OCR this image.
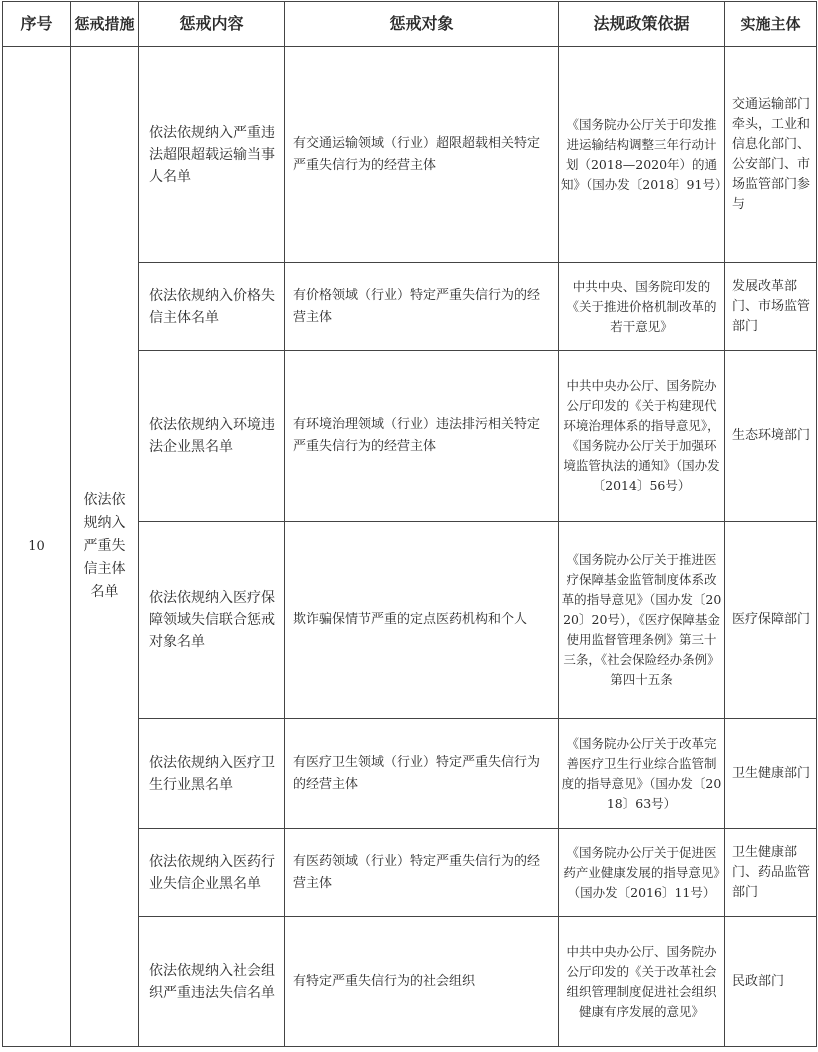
序号	惩戒措施	惩戒内容	惩戒对象	法规政策依据	实施主体
10	依法依规纳入严重失信主体名单	依法依规纳入严重违法超限超载运输当事人名单	有交通运输领域（行业）超限超载相关特定严重失信行为的经营主体	《国务院办公厅关于印发推进运输结构调整三年行动计划（2018—2020年）的通知》（国办发〔2018〕91号）	交通运输部门牵头，工业和信息化部门、公安部门、市场监管部门参与
		依法依规纳入价格失信主体名单	有价格领域（行业）特定严重失信行为的经营主体	中共中央、国务院印发的《关于推进价格机制改革的若干意见》	发展改革部门、市场监管部门
		依法依规纳入环境违法企业黑名单	有环境治理领域（行业）违法排污相关特定严重失信行为的经营主体	中共中央办公厅、国务院办公厅印发的《关于构建现代环境治理体系的指导意见》，《国务院办公厅关于加强环境监管执法的通知》（国办发〔2014〕56号）	生态环境部门
		依法依规纳入医疗保障领域失信联合惩戒对象名单	欺诈骗保情节严重的定点医药机构和个人	《国务院办公厅关于推进医疗保障基金监管制度体系改革的指导意见》（国办发〔2020〕20号），《医疗保障基金使用监督管理条例》第三十三条，《社会保险经办条例》第四十五条	医疗保障部门
		依法依规纳入医疗卫生行业黑名单	有医疗卫生领域（行业）特定严重失信行为的经营主体	《国务院办公厅关于改革完善医疗卫生行业综合监管制度的指导意见》（国办发〔2018〕63号）	卫生健康部门
		依法依规纳入医药行业失信企业黑名单	有医药领域（行业）特定严重失信行为的经营主体	《国务院办公厅关于促进医药产业健康发展的指导意见》（国办发〔2016〕11号）	卫生健康部门、药品监管部门
		依法依规纳入社会组织严重违法失信名单	有特定严重失信行为的社会组织	中共中央办公厅、国务院办公厅印发的《关于改革社会组织管理制度促进社会组织健康有序发展的意见》	民政部门
